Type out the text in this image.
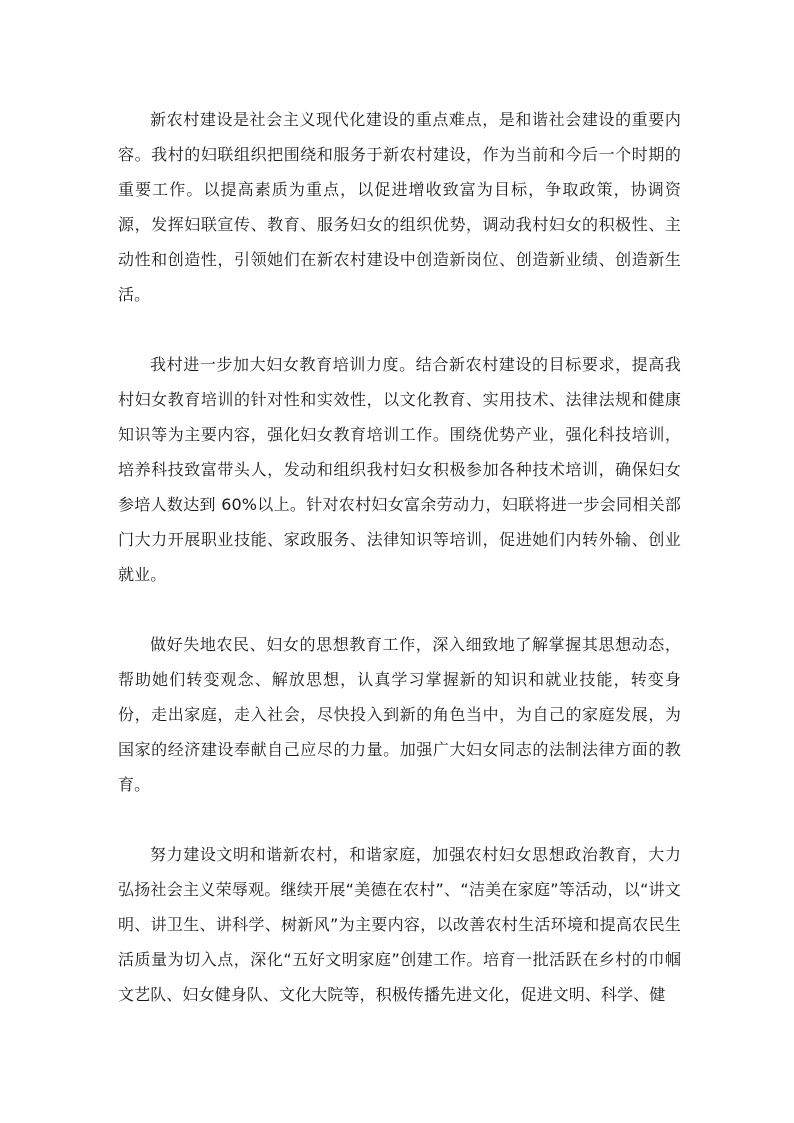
新农村建设是社会主义现代化建设的重点难点，是和谐社会建设的重要内容。我村的妇联组织把围绕和服务于新农村建设，作为当前和今后一个时期的重要工作。以提高素质为重点，以促进增收致富为目标，争取政策，协调资源，发挥妇联宣传、教育、服务妇女的组织优势，调动我村妇女的积极性、主动性和创造性，引领她们在新农村建设中创造新岗位、创造新业绩、创造新生活。

我村进一步加大妇女教育培训力度。结合新农村建设的目标要求，提高我村妇女教育培训的针对性和实效性，以文化教育、实用技术、法律法规和健康知识等为主要内容，强化妇女教育培训工作。围绕优势产业，强化科技培训，培养科技致富带头人，发动和组织我村妇女积极参加各种技术培训，确保妇女参培人数达到 60%以上。针对农村妇女富余劳动力，妇联将进一步会同相关部门大力开展职业技能、家政服务、法律知识等培训，促进她们内转外输、创业就业。

做好失地农民、妇女的思想教育工作，深入细致地了解掌握其思想动态，帮助她们转变观念、解放思想，认真学习掌握新的知识和就业技能，转变身份，走出家庭，走入社会，尽快投入到新的角色当中，为自己的家庭发展，为国家的经济建设奉献自己应尽的力量。加强广大妇女同志的法制法律方面的教育。

努力建设文明和谐新农村，和谐家庭，加强农村妇女思想政治教育，大力弘扬社会主义荣辱观。继续开展“美德在农村”、“洁美在家庭”等活动，以“讲文明、讲卫生、讲科学、树新风”为主要内容，以改善农村生活环境和提高农民生活质量为切入点，深化“五好文明家庭”创建工作。培育一批活跃在乡村的巾帼文艺队、妇女健身队、文化大院等，积极传播先进文化，促进文明、科学、健
